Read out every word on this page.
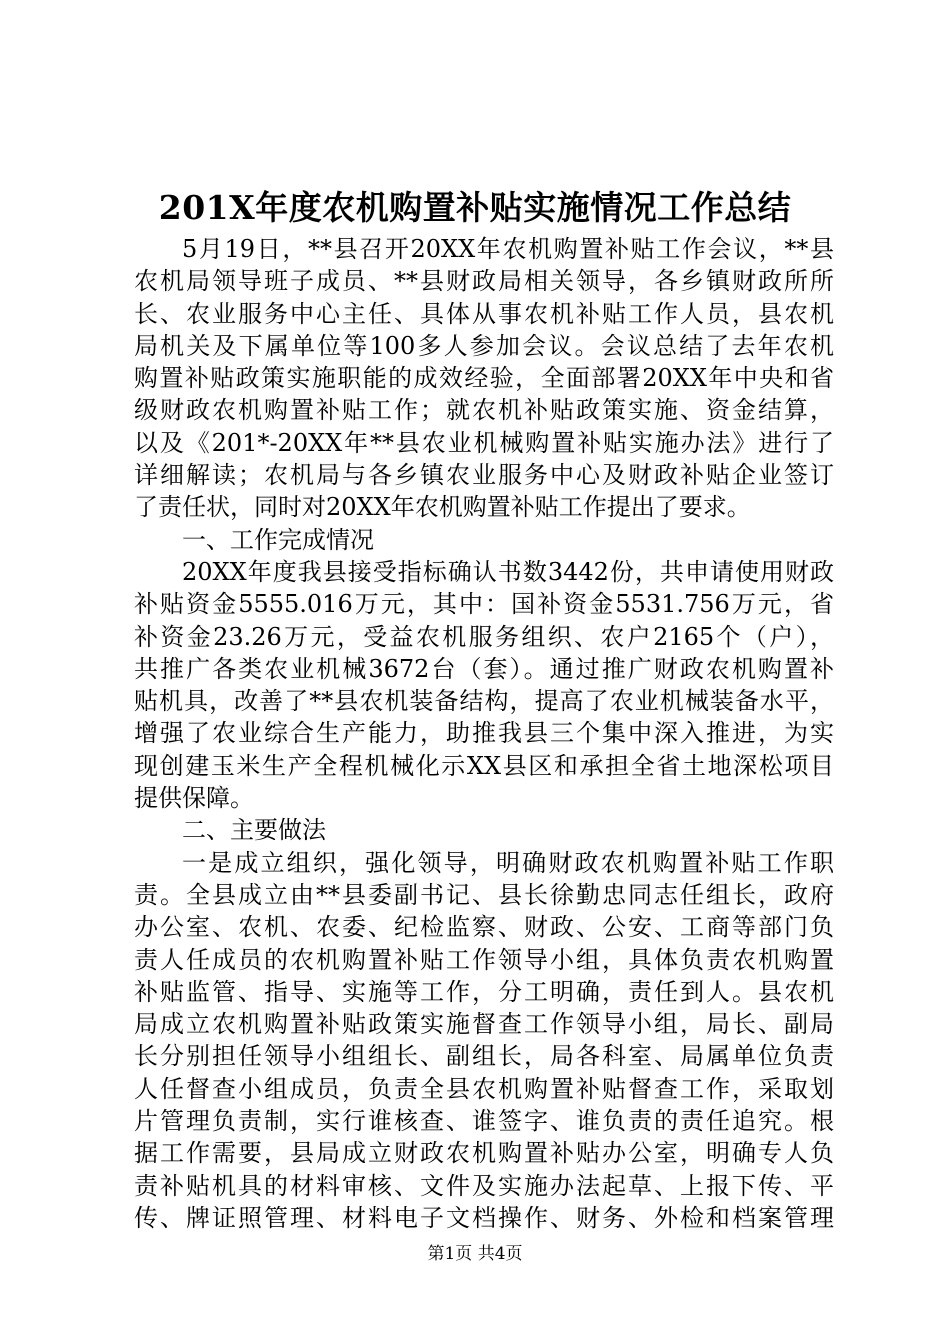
201X年度农机购置补贴实施情况工作总结
5月19日，**县召开20XX年农机购置补贴工作会议，**县
农机局领导班子成员、**县财政局相关领导，各乡镇财政所所
长、农业服务中心主任、具体从事农机补贴工作人员，县农机
局机关及下属单位等100多人参加会议。会议总结了去年农机
购置补贴政策实施职能的成效经验，全面部署20XX年中央和省
级财政农机购置补贴工作；就农机补贴政策实施、资金结算，
以及《201*-20XX年**县农业机械购置补贴实施办法》进行了
详细解读；农机局与各乡镇农业服务中心及财政补贴企业签订
了责任状，同时对20XX年农机购置补贴工作提出了要求。
一、工作完成情况
20XX年度我县接受指标确认书数3442份，共申请使用财政
补贴资金5555.016万元，其中：国补资金5531.756万元，省
补资金23.26万元，受益农机服务组织、农户2165个（户），
共推广各类农业机械3672台（套）。通过推广财政农机购置补
贴机具，改善了**县农机装备结构，提高了农业机械装备水平，
增强了农业综合生产能力，助推我县三个集中深入推进，为实
现创建玉米生产全程机械化示XX县区和承担全省土地深松项目
提供保障。
二、主要做法
一是成立组织，强化领导，明确财政农机购置补贴工作职
责。全县成立由**县委副书记、县长徐勤忠同志任组长，政府
办公室、农机、农委、纪检监察、财政、公安、工商等部门负
责人任成员的农机购置补贴工作领导小组，具体负责农机购置
补贴监管、指导、实施等工作，分工明确，责任到人。县农机
局成立农机购置补贴政策实施督查工作领导小组，局长、副局
长分别担任领导小组组长、副组长，局各科室、局属单位负责
人任督查小组成员，负责全县农机购置补贴督查工作，采取划
片管理负责制，实行谁核查、谁签字、谁负责的责任追究。根
据工作需要，县局成立财政农机购置补贴办公室，明确专人负
责补贴机具的材料审核、文件及实施办法起草、上报下传、平
传、牌证照管理、材料电子文档操作、财务、外检和档案管理
第1页 共4页
